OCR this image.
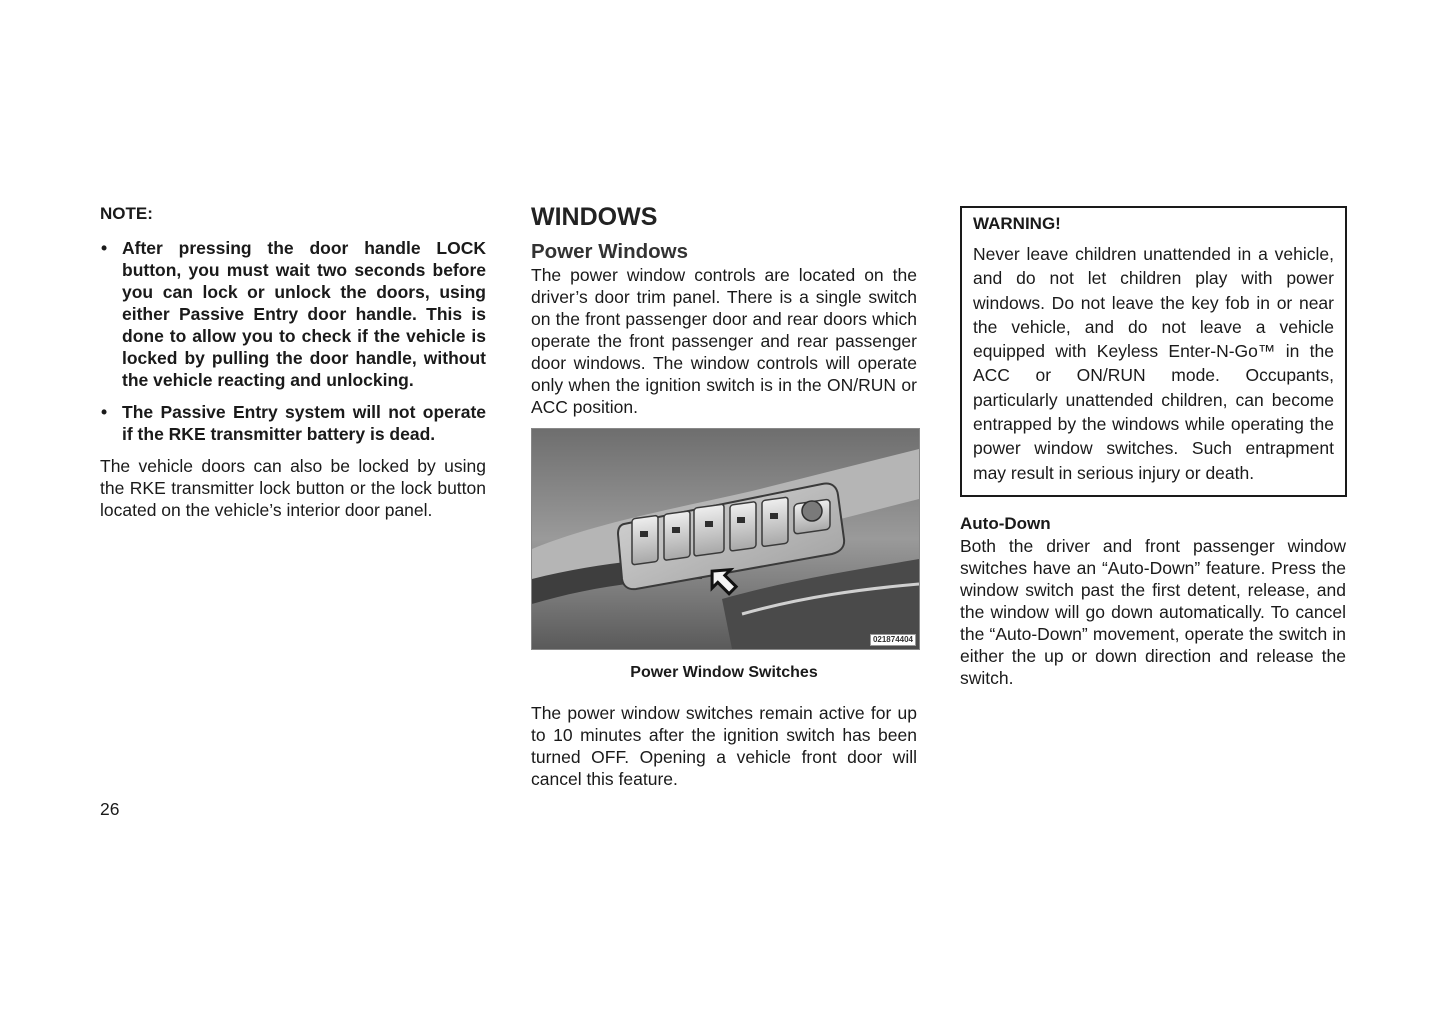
NOTE:
• After pressing the door handle LOCK button, you must wait two seconds before you can lock or unlock the doors, using either Passive Entry door handle. This is done to allow you to check if the vehicle is locked by pulling the door handle, without the vehicle reacting and unlocking.
• The Passive Entry system will not operate if the RKE transmitter battery is dead.

The vehicle doors can also be locked by using the RKE transmitter lock button or the lock button located on the vehicle’s interior door panel.

WINDOWS
Power Windows

The power window controls are located on the driver’s door trim panel. There is a single switch on the front passenger door and rear doors which operate the front passenger and rear passenger door windows. The window controls will operate only when the ignition switch is in the ON/RUN or ACC position.

021874404
Power Window Switches

The power window switches remain active for up to 10 minutes after the ignition switch has been turned OFF. Opening a vehicle front door will cancel this feature.

WARNING!

Never leave children unattended in a vehicle, and do not let children play with power windows. Do not leave the key fob in or near the vehicle, and do not leave a vehicle equipped with Keyless Enter-N-Go™ in the ACC or ON/RUN mode. Occupants, particularly unattended children, can become entrapped by the windows while operating the power window switches. Such entrapment may result in serious injury or death.

Auto-Down

Both the driver and front passenger window switches have an “Auto-Down” feature. Press the window switch past the first detent, release, and the window will go down automatically. To cancel the “Auto-Down” movement, operate the switch in either the up or down direction and release the switch.

26
